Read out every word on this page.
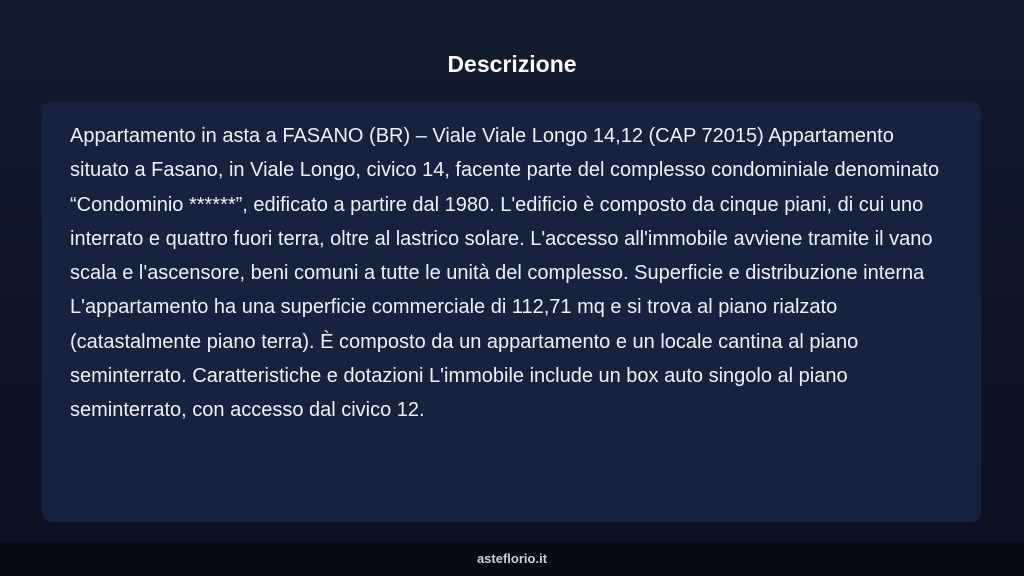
Descrizione

Appartamento in asta a FASANO (BR) – Viale Viale Longo 14,12 (CAP 72015) Appartamento situato a Fasano, in Viale Longo, civico 14, facente parte del complesso condominiale denominato “Condominio ******”, edificato a partire dal 1980. L'edificio è composto da cinque piani, di cui uno interrato e quattro fuori terra, oltre al lastrico solare. L'accesso all'immobile avviene tramite il vano scala e l'ascensore, beni comuni a tutte le unità del complesso. Superficie e distribuzione interna L'appartamento ha una superficie commerciale di 112,71 mq e si trova al piano rialzato (catastalmente piano terra). È composto da un appartamento e un locale cantina al piano seminterrato. Caratteristiche e dotazioni L'immobile include un box auto singolo al piano seminterrato, con accesso dal civico 12.

asteflorio.it
